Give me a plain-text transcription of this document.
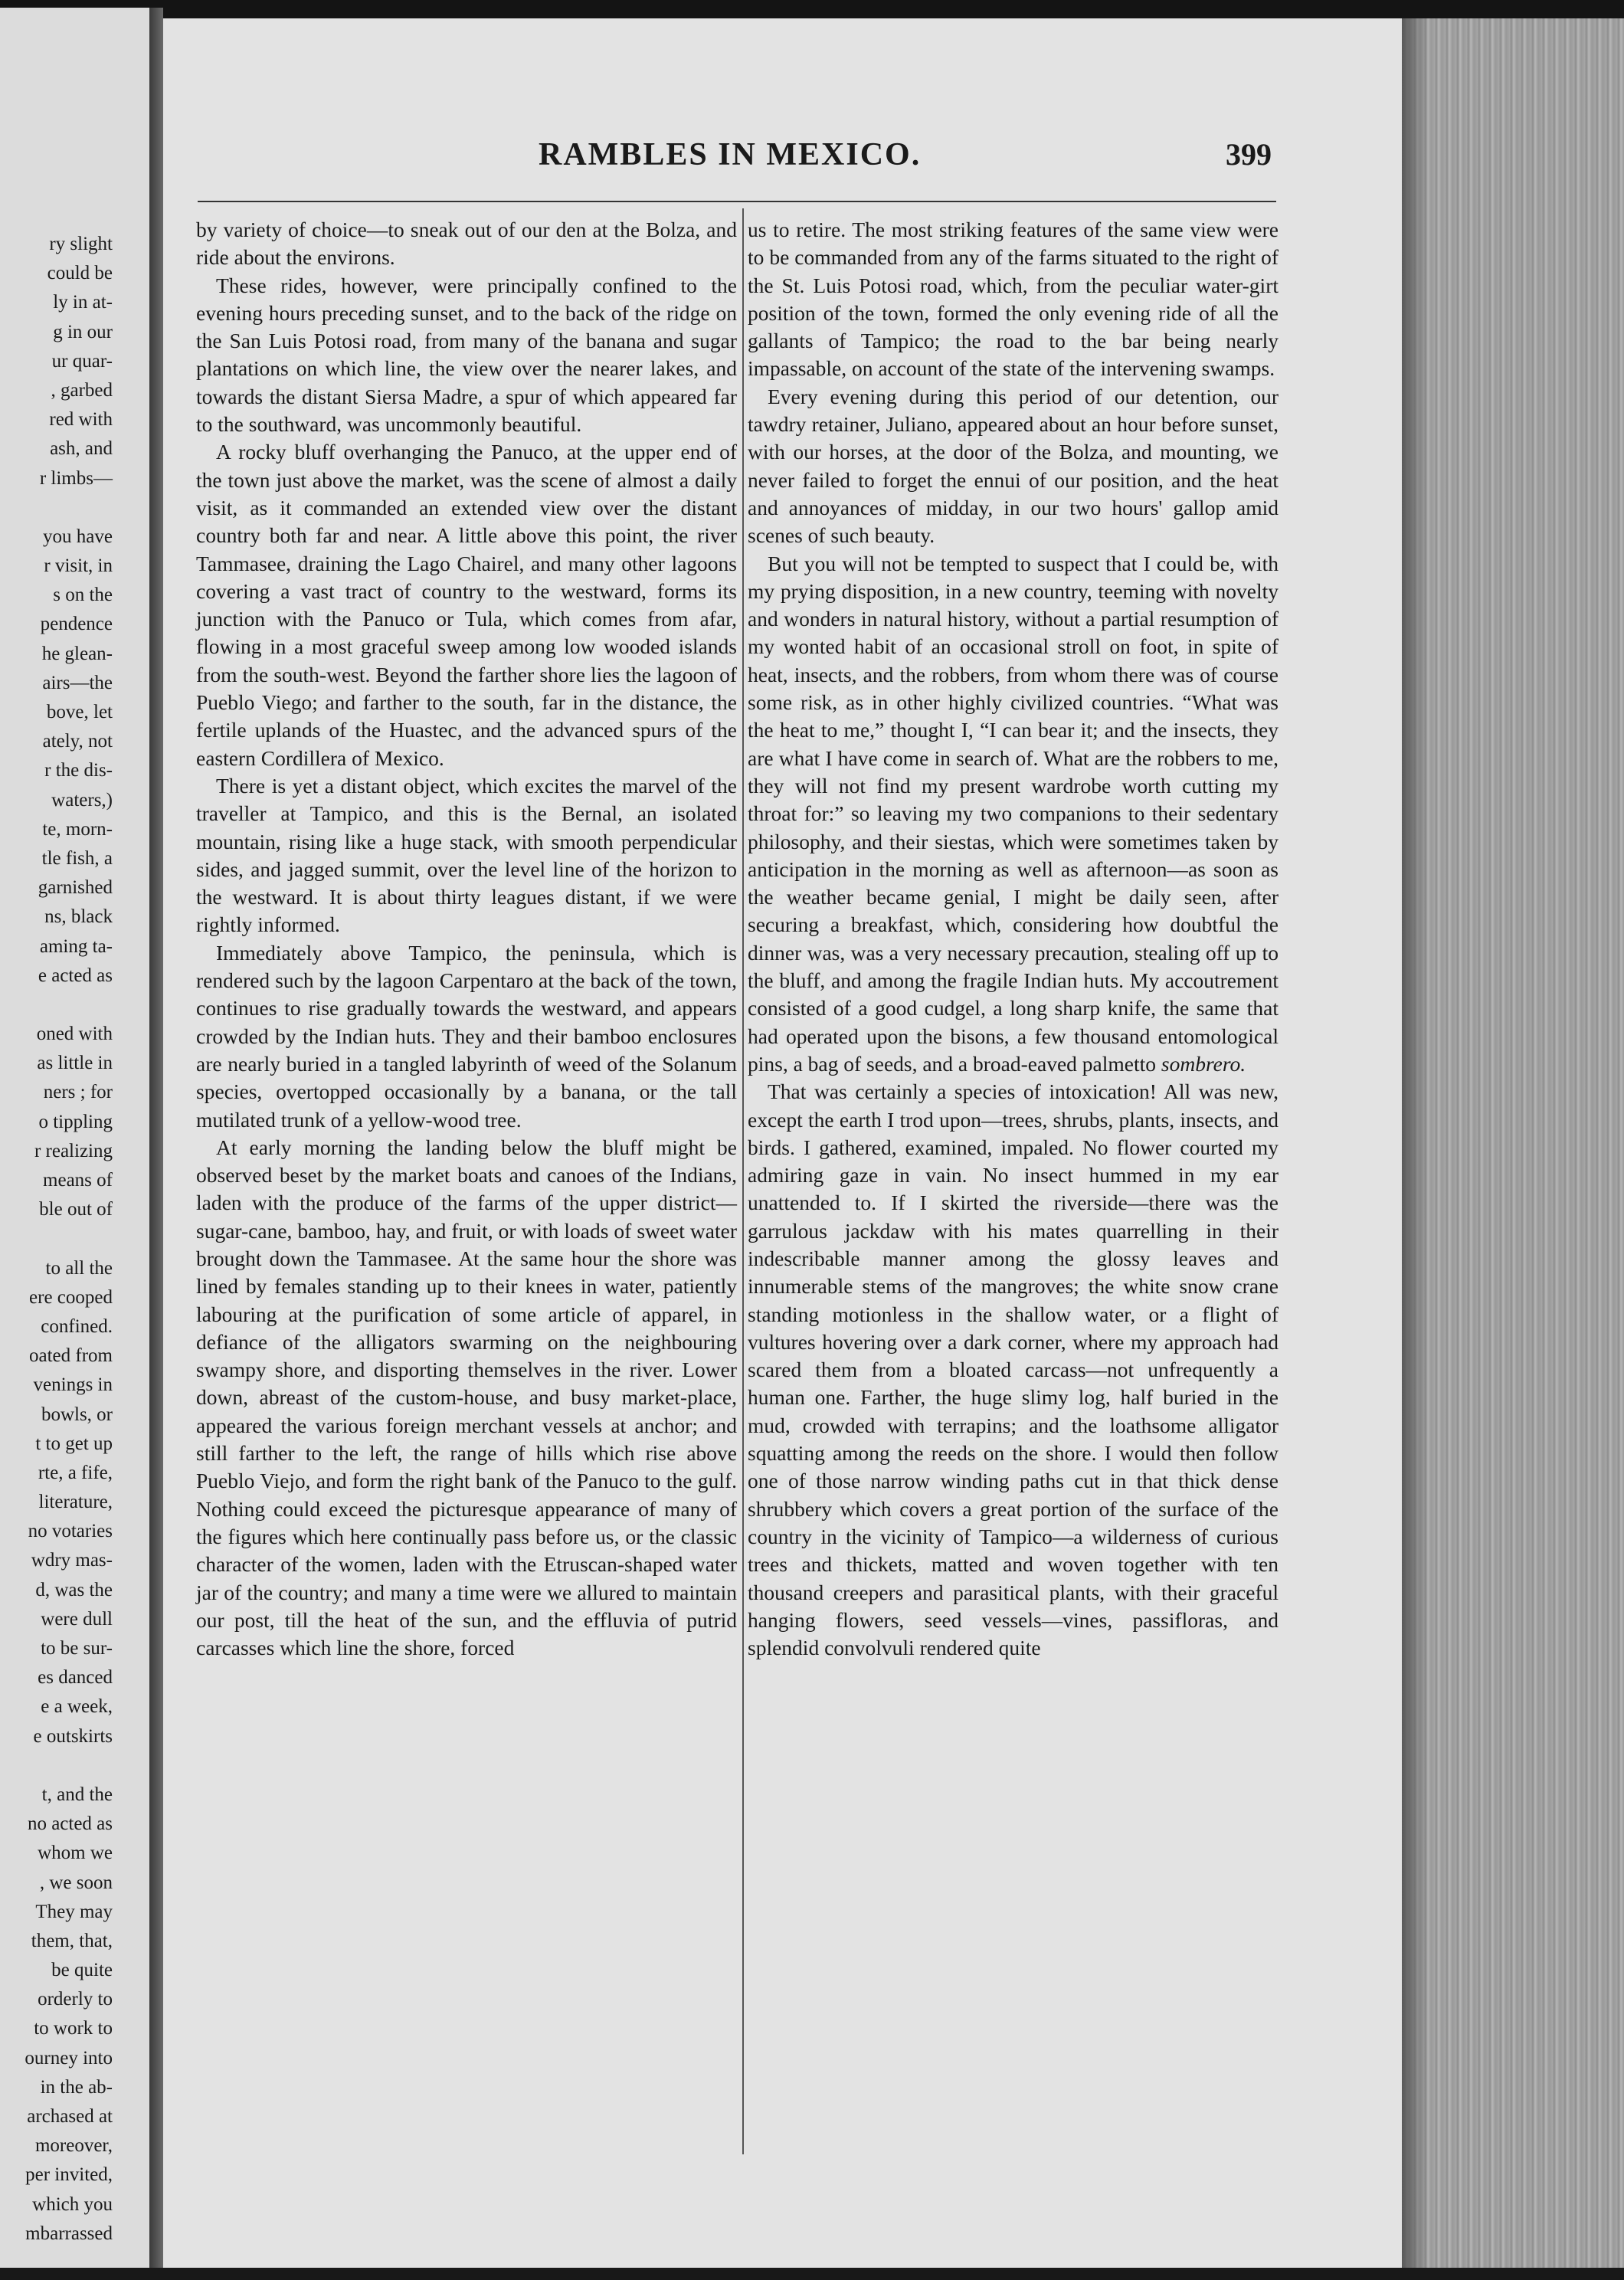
ry slight
could be
ly in at-
g in our
ur quar-
, garbed
red with
ash, and
r limbs—
you have
r visit, in
s on the
pendence
he glean-
airs—the
bove, let
ately, not
r the dis-
waters,)
te, morn-
tle fish, a
garnished
ns, black
aming ta-
e acted as
oned with
as little in
ners ; for
o tippling
r realizing
means of
ble out of
to all the
ere cooped
confined.
oated from
venings in
bowls, or
t to get up
rte, a fife,
literature,
no votaries
wdry mas-
d, was the
were dull
to be sur-
es danced
e a week,
e outskirts
t, and the
no acted as
whom we
, we soon
They may
them, that,
be quite
orderly to
to work to
ourney into
in the ab-
archased at
moreover,
per invited,
which you
mbarrassed
RAMBLES IN MEXICO.	399

by variety of choice—to sneak out of our den at the Bolza, and ride about the environs.

These rides, however, were principally confined to the evening hours preceding sunset, and to the back of the ridge on the San Luis Potosi road, from many of the banana and sugar plantations on which line, the view over the nearer lakes, and towards the distant Siersa Madre, a spur of which appeared far to the southward, was uncommonly beautiful.

A rocky bluff overhanging the Panuco, at the upper end of the town just above the market, was the scene of almost a daily visit, as it commanded an extended view over the distant country both far and near. A little above this point, the river Tammasee, draining the Lago Chairel, and many other lagoons covering a vast tract of country to the westward, forms its junction with the Panuco or Tula, which comes from afar, flowing in a most graceful sweep among low wooded islands from the south-west. Beyond the farther shore lies the lagoon of Pueblo Viego; and farther to the south, far in the distance, the fertile uplands of the Huastec, and the advanced spurs of the eastern Cordillera of Mexico.

There is yet a distant object, which excites the marvel of the traveller at Tampico, and this is the Bernal, an isolated mountain, rising like a huge stack, with smooth perpendicular sides, and jagged summit, over the level line of the horizon to the westward. It is about thirty leagues distant, if we were rightly informed.

Immediately above Tampico, the peninsula, which is rendered such by the lagoon Carpentaro at the back of the town, continues to rise gradually towards the westward, and appears crowded by the Indian huts. They and their bamboo enclosures are nearly buried in a tangled labyrinth of weed of the Solanum species, overtopped occasionally by a banana, or the tall mutilated trunk of a yellow-wood tree.

At early morning the landing below the bluff might be observed beset by the market boats and canoes of the Indians, laden with the produce of the farms of the upper district—sugar-cane, bamboo, hay, and fruit, or with loads of sweet water brought down the Tammasee. At the same hour the shore was lined by females standing up to their knees in water, patiently labouring at the purification of some article of apparel, in defiance of the alligators swarming on the neighbouring swampy shore, and disporting themselves in the river. Lower down, abreast of the custom-house, and busy market-place, appeared the various foreign merchant vessels at anchor; and still farther to the left, the range of hills which rise above Pueblo Viejo, and form the right bank of the Panuco to the gulf. Nothing could exceed the picturesque appearance of many of the figures which here continually pass before us, or the classic character of the women, laden with the Etruscan-shaped water jar of the country; and many a time were we allured to maintain our post, till the heat of the sun, and the effluvia of putrid carcasses which line the shore, forced

us to retire. The most striking features of the same view were to be commanded from any of the farms situated to the right of the St. Luis Potosi road, which, from the peculiar water-girt position of the town, formed the only evening ride of all the gallants of Tampico; the road to the bar being nearly impassable, on account of the state of the intervening swamps.

Every evening during this period of our detention, our tawdry retainer, Juliano, appeared about an hour before sunset, with our horses, at the door of the Bolza, and mounting, we never failed to forget the ennui of our position, and the heat and annoyances of midday, in our two hours' gallop amid scenes of such beauty.

But you will not be tempted to suspect that I could be, with my prying disposition, in a new country, teeming with novelty and wonders in natural history, without a partial resumption of my wonted habit of an occasional stroll on foot, in spite of heat, insects, and the robbers, from whom there was of course some risk, as in other highly civilized countries. “What was the heat to me,” thought I, “I can bear it; and the insects, they are what I have come in search of. What are the robbers to me, they will not find my present wardrobe worth cutting my throat for:” so leaving my two companions to their sedentary philosophy, and their siestas, which were sometimes taken by anticipation in the morning as well as afternoon—as soon as the weather became genial, I might be daily seen, after securing a breakfast, which, considering how doubtful the dinner was, was a very necessary precaution, stealing off up to the bluff, and among the fragile Indian huts. My accoutrement consisted of a good cudgel, a long sharp knife, the same that had operated upon the bisons, a few thousand entomological pins, a bag of seeds, and a broad-eaved palmetto sombrero.

That was certainly a species of intoxication! All was new, except the earth I trod upon—trees, shrubs, plants, insects, and birds. I gathered, examined, impaled. No flower courted my admiring gaze in vain. No insect hummed in my ear unattended to. If I skirted the riverside—there was the garrulous jackdaw with his mates quarrelling in their indescribable manner among the glossy leaves and innumerable stems of the mangroves; the white snow crane standing motionless in the shallow water, or a flight of vultures hovering over a dark corner, where my approach had scared them from a bloated carcass—not unfrequently a human one. Farther, the huge slimy log, half buried in the mud, crowded with terrapins; and the loathsome alligator squatting among the reeds on the shore. I would then follow one of those narrow winding paths cut in that thick dense shrubbery which covers a great portion of the surface of the country in the vicinity of Tampico—a wilderness of curious trees and thickets, matted and woven together with ten thousand creepers and parasitical plants, with their graceful hanging flowers, seed vessels—vines, passifloras, and splendid convolvuli rendered quite
